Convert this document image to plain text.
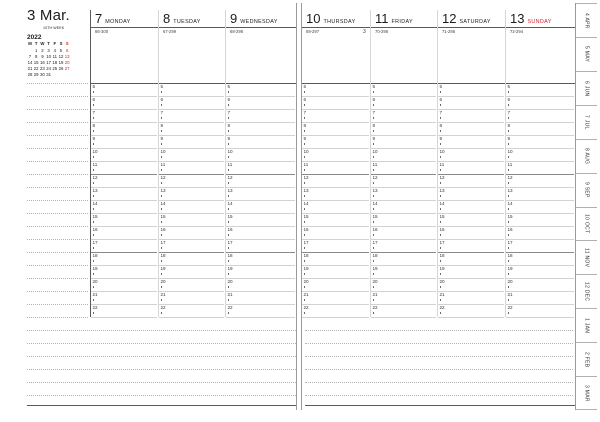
3 Mar.
$2022^{10TH WEEK}$
M T W T F S S
1 2 3 4 5 6
7 8 9 10 11 12 13
14 15 16 17 18 19 20
21 22 23 24 25 26 27
28 29 30 31
7 MONDAY
66-300
8 TUESDAY
67-299
9 WEDNESDAY
68-298
10 THURSDAY
69-297	3
11 FRIDAY
70-296
12 SATURDAY
71-295
13 SUNDAY
72-294
5
6
7
8
9
10
11
12
13
14
15
16
17
18
19
20
21
22
5
6
7
8
9
10
11
12
13
14
15
16
17
18
19
20
21
22
5
6
7
8
9
10
11
12
13
14
15
16
17
18
19
20
21
22
5
6
7
8
9
10
11
12
13
14
15
16
17
18
19
20
21
22
5
6
7
8
9
10
11
12
13
14
15
16
17
18
19
20
21
22
5
6
7
8
9
10
11
12
13
14
15
16
17
18
19
20
21
22
5
6
7
8
9
10
11
12
13
14
15
16
17
18
19
20
21
22
4 APR
5 MAY
6 JUN
7 JUL
8 AUG
9 SEP
10 OCT
11 NOV
12 DEC
1 JAN
2 FEB
3 MAR
